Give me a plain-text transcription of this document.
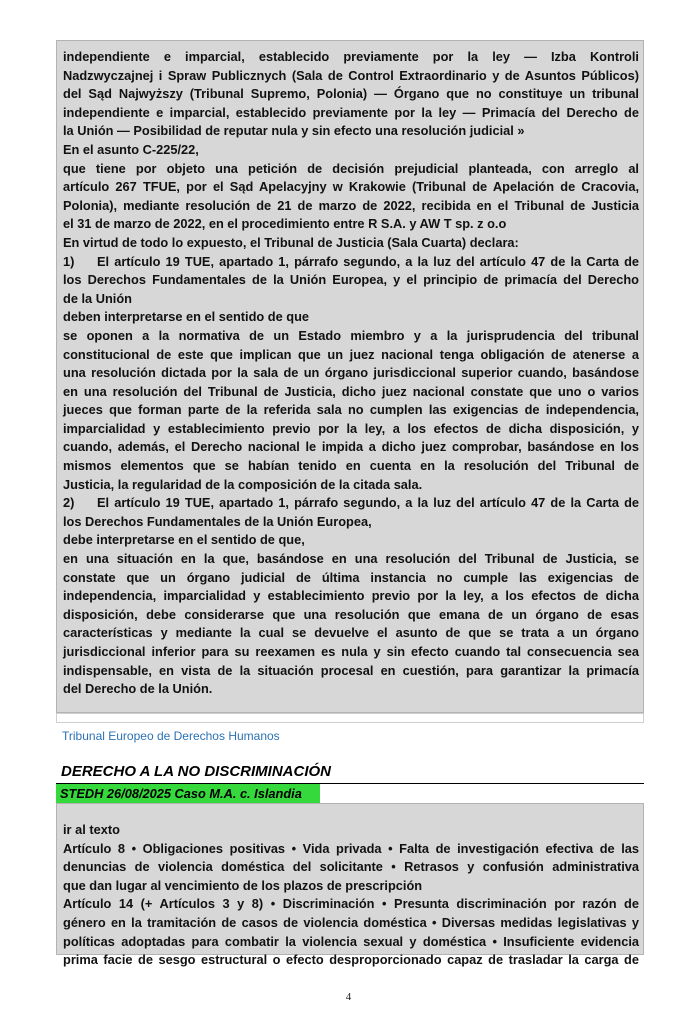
independiente e imparcial, establecido previamente por la ley — Izba Kontroli

Nadzwyczajnej i Spraw Publicznych (Sala de Control Extraordinario y de Asuntos Públicos)

del Sąd Najwyższy (Tribunal Supremo, Polonia) — Órgano que no constituye un tribunal

independiente e imparcial, establecido previamente por la ley — Primacía del Derecho de

la Unión — Posibilidad de reputar nula y sin efecto una resolución judicial »

En el asunto C-225/22,

que tiene por objeto una petición de decisión prejudicial planteada, con arreglo al

artículo 267 TFUE, por el Sąd Apelacyjny w Krakowie (Tribunal de Apelación de Cracovia,

Polonia), mediante resolución de 21 de marzo de 2022, recibida en el Tribunal de Justicia

el 31 de marzo de 2022, en el procedimiento entre R S.A. y AW T sp. z o.o

En virtud de todo lo expuesto, el Tribunal de Justicia (Sala Cuarta) declara:

1) El artículo 19 TUE, apartado 1, párrafo segundo, a la luz del artículo 47 de la Carta de

los Derechos Fundamentales de la Unión Europea, y el principio de primacía del Derecho

de la Unión

deben interpretarse en el sentido de que

se oponen a la normativa de un Estado miembro y a la jurisprudencia del tribunal

constitucional de este que implican que un juez nacional tenga obligación de atenerse a

una resolución dictada por la sala de un órgano jurisdiccional superior cuando, basándose

en una resolución del Tribunal de Justicia, dicho juez nacional constate que uno o varios

jueces que forman parte de la referida sala no cumplen las exigencias de independencia,

imparcialidad y establecimiento previo por la ley, a los efectos de dicha disposición, y

cuando, además, el Derecho nacional le impida a dicho juez comprobar, basándose en los

mismos elementos que se habían tenido en cuenta en la resolución del Tribunal de

Justicia, la regularidad de la composición de la citada sala.

2) El artículo 19 TUE, apartado 1, párrafo segundo, a la luz del artículo 47 de la Carta de

los Derechos Fundamentales de la Unión Europea,

debe interpretarse en el sentido de que,

en una situación en la que, basándose en una resolución del Tribunal de Justicia, se

constate que un órgano judicial de última instancia no cumple las exigencias de

independencia, imparcialidad y establecimiento previo por la ley, a los efectos de dicha

disposición, debe considerarse que una resolución que emana de un órgano de esas

características y mediante la cual se devuelve el asunto de que se trata a un órgano

jurisdiccional inferior para su reexamen es nula y sin efecto cuando tal consecuencia sea

indispensable, en vista de la situación procesal en cuestión, para garantizar la primacía

del Derecho de la Unión.

Tribunal Europeo de Derechos Humanos
DERECHO A LA NO DISCRIMINACIÓN
STEDH 26/08/2025 Caso M.A. c. Islandia

ir al texto

Artículo 8 • Obligaciones positivas • Vida privada • Falta de investigación efectiva de las

denuncias de violencia doméstica del solicitante • Retrasos y confusión administrativa

que dan lugar al vencimiento de los plazos de prescripción

Artículo 14 (+ Artículos 3 y 8) • Discriminación • Presunta discriminación por razón de

género en la tramitación de casos de violencia doméstica • Diversas medidas legislativas y

políticas adoptadas para combatir la violencia sexual y doméstica • Insuficiente evidencia

prima facie de sesgo estructural o efecto desproporcionado capaz de trasladar la carga de

4
